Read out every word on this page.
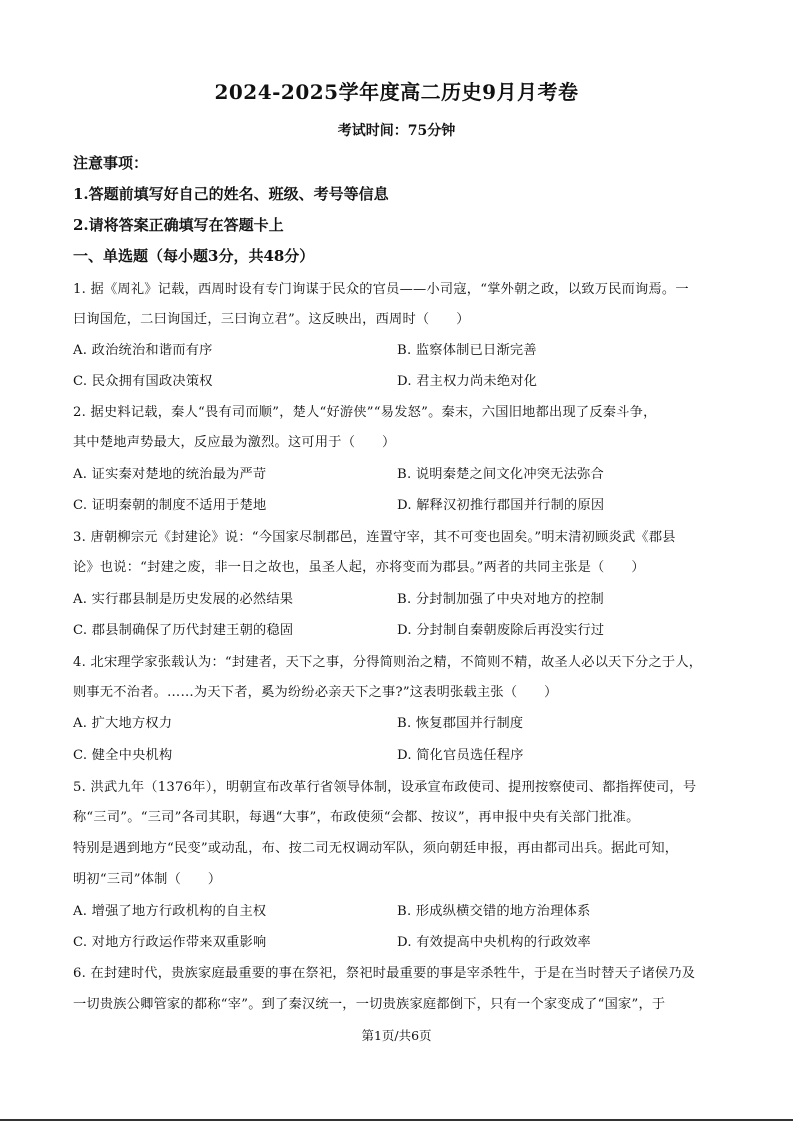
2024-2025学年度高二历史9月月考卷
考试时间：75分钟
注意事项：
1.答题前填写好自己的姓名、班级、考号等信息
2.请将答案正确填写在答题卡上
一、单选题（每小题3分，共48分）
1. 据《周礼》记载，西周时设有专门询谋于民众的官员——小司寇，“掌外朝之政，以致万民而询焉。一
曰询国危，二曰询国迁，三曰询立君”。这反映出，西周时（　　）
A. 政治统治和谐而有序	B. 监察体制已日渐完善
C. 民众拥有国政决策权	D. 君主权力尚未绝对化
2. 据史料记载，秦人“畏有司而顺”，楚人“好游侠”“易发怒”。秦末，六国旧地都出现了反秦斗争，
其中楚地声势最大，反应最为激烈。这可用于（　　）
A. 证实秦对楚地的统治最为严苛	B. 说明秦楚之间文化冲突无法弥合
C. 证明秦朝的制度不适用于楚地	D. 解释汉初推行郡国并行制的原因
3. 唐朝柳宗元《封建论》说：“今国家尽制郡邑，连置守宰，其不可变也固矣。”明末清初顾炎武《郡县
论》也说：“封建之废，非一日之故也，虽圣人起，亦将变而为郡县。”两者的共同主张是（　　）
A. 实行郡县制是历史发展的必然结果	B. 分封制加强了中央对地方的控制
C. 郡县制确保了历代封建王朝的稳固	D. 分封制自秦朝废除后再没实行过
4. 北宋理学家张载认为：“封建者，天下之事，分得简则治之精，不简则不精，故圣人必以天下分之于人，
则事无不治者。……为天下者，奚为纷纷必亲天下之事?”这表明张载主张（　　）
A. 扩大地方权力	B. 恢复郡国并行制度
C. 健全中央机构	D. 简化官员选任程序
5. 洪武九年（1376年），明朝宣布改革行省领导体制，设承宣布政使司、提刑按察使司、都指挥使司，号
称“三司”。“三司”各司其职，每遇“大事”，布政使须“会都、按议”，再申报中央有关部门批准。
特别是遇到地方“民变”或动乱，布、按二司无权调动军队，须向朝廷申报，再由都司出兵。据此可知，
明初“三司”体制（　　）
A. 增强了地方行政机构的自主权	B. 形成纵横交错的地方治理体系
C. 对地方行政运作带来双重影响	D. 有效提高中央机构的行政效率
6. 在封建时代，贵族家庭最重要的事在祭祀，祭祀时最重要的事是宰杀牲牛，于是在当时替天子诸侯乃及
一切贵族公卿管家的都称“宰”。到了秦汉统一，一切贵族家庭都倒下，只有一个家变成了“国家”，于
第1页/共6页
